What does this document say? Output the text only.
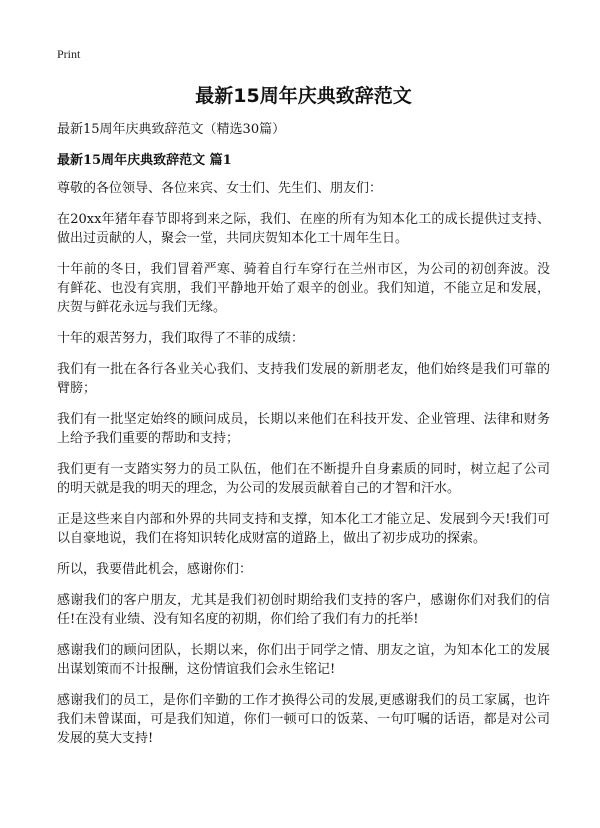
Print
最新15周年庆典致辞范文

最新15周年庆典致辞范文（精选30篇）

最新15周年庆典致辞范文 篇1

尊敬的各位领导、各位来宾、女士们、先生们、朋友们：

在20xx年猪年春节即将到来之际，我们、在座的所有为知本化工的成长提供过支持、做出过贡献的人，聚会一堂，共同庆贺知本化工十周年生日。

十年前的冬日，我们冒着严寒、骑着自行车穿行在兰州市区，为公司的初创奔波。没有鲜花、也没有宾朋，我们平静地开始了艰辛的创业。我们知道，不能立足和发展，庆贺与鲜花永远与我们无缘。

十年的艰苦努力，我们取得了不菲的成绩：

我们有一批在各行各业关心我们、支持我们发展的新朋老友，他们始终是我们可靠的臂膀；

我们有一批坚定始终的顾问成员，长期以来他们在科技开发、企业管理、法律和财务上给予我们重要的帮助和支持；

我们更有一支踏实努力的员工队伍，他们在不断提升自身素质的同时，树立起了公司的明天就是我的明天的理念，为公司的发展贡献着自己的才智和汗水。

正是这些来自内部和外界的共同支持和支撑，知本化工才能立足、发展到今天!我们可以自豪地说，我们在将知识转化成财富的道路上，做出了初步成功的探索。

所以，我要借此机会，感谢你们：

感谢我们的客户朋友，尤其是我们初创时期给我们支持的客户，感谢你们对我们的信任!在没有业绩、没有知名度的初期，你们给了我们有力的托举!

感谢我们的顾问团队，长期以来，你们出于同学之情、朋友之谊，为知本化工的发展出谋划策而不计报酬，这份情谊我们会永生铭记!

感谢我们的员工，是你们辛勤的工作才换得公司的发展,更感谢我们的员工家属，也许我们未曾谋面，可是我们知道，你们一顿可口的饭菜、一句叮嘱的话语，都是对公司发展的莫大支持!
